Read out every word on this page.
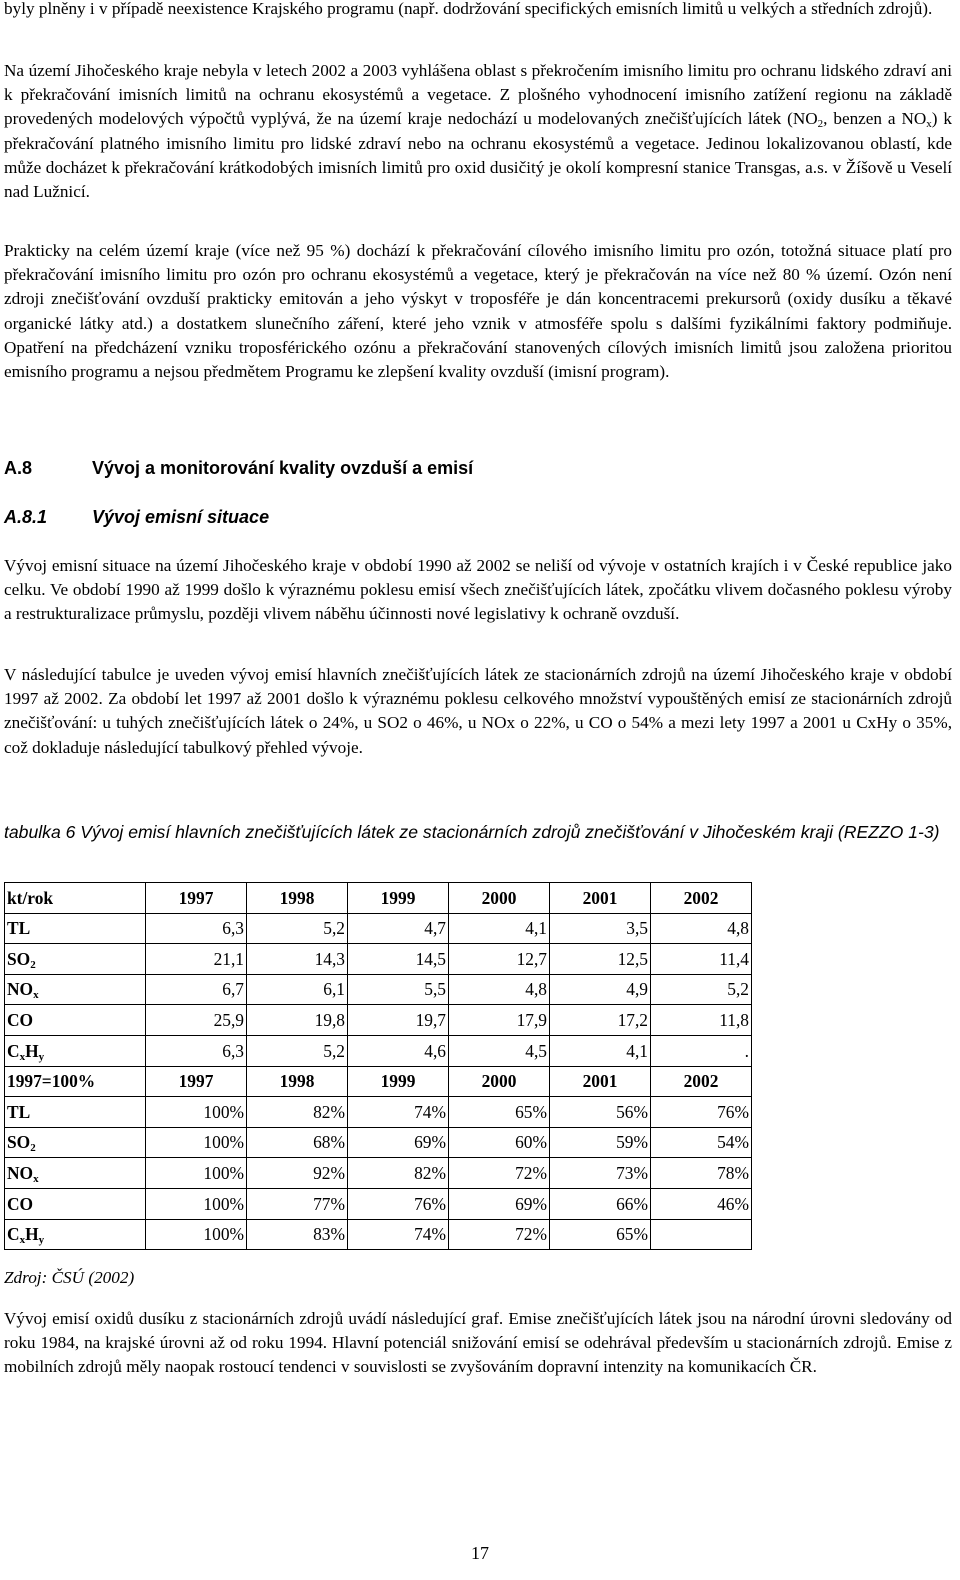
byly plněny i v případě neexistence Krajského programu (např. dodržování specifických emisních limitů u velkých a středních zdrojů).

Na území Jihočeského kraje nebyla v letech 2002 a 2003 vyhlášena oblast s překročením imisního limitu pro ochranu lidského zdraví ani k překračování imisních limitů na ochranu ekosystémů a vegetace. Z plošného vyhodnocení imisního zatížení regionu na základě provedených modelových výpočtů vyplývá, že na území kraje nedochází u modelovaných znečišťujících látek ($NO_2$, benzen a $NO_x$) k překračování platného imisního limitu pro lidské zdraví nebo na ochranu ekosystémů a vegetace. Jedinou lokalizovanou oblastí, kde může docházet k překračování krátkodobých imisních limitů pro oxid dusičitý je okolí kompresní stanice Transgas, a.s. v Žíšově u Veselí nad Lužnicí.

Prakticky na celém území kraje (více než 95 %) dochází k překračování cílového imisního limitu pro ozón, totožná situace platí pro překračování imisního limitu pro ozón pro ochranu ekosystémů a vegetace, který je překračován na více než 80 % území. Ozón není zdroji znečišťování ovzduší prakticky emitován a jeho výskyt v troposféře je dán koncentracemi prekursorů (oxidy dusíku a těkavé organické látky atd.) a dostatkem slunečního záření, které jeho vznik v atmosféře spolu s dalšími fyzikálními faktory podmiňuje. Opatření na předcházení vzniku troposférického ozónu a překračování stanovených cílových imisních limitů jsou založena prioritou emisního programu a nejsou předmětem Programu ke zlepšení kvality ovzduší (imisní program).

A.8	Vývoj a monitorování kvality ovzduší a emisí
A.8.1 Vývoj emisní situace

Vývoj emisní situace na území Jihočeského kraje v období 1990 až 2002 se neliší od vývoje v ostatních krajích i v České republice jako celku. Ve období 1990 až 1999 došlo k výraznému poklesu emisí všech znečišťujících látek, zpočátku vlivem dočasného poklesu výroby a restrukturalizace průmyslu, později vlivem náběhu účinnosti nové legislativy k ochraně ovzduší.

V následující tabulce je uveden vývoj emisí hlavních znečišťujících látek ze stacionárních zdrojů na území Jihočeského kraje v období 1997 až 2002. Za období let 1997 až 2001 došlo k výraznému poklesu celkového množství vypouštěných emisí ze stacionárních zdrojů znečišťování: u tuhých znečišťujících látek o 24%, u SO2 o 46%, u NOx o 22%, u CO o 54% a mezi lety 1997 a 2001 u CxHy o 35%, což dokladuje následující tabulkový přehled vývoje.

tabulka 6 Vývoj emisí hlavních znečišťujících látek ze stacionárních zdrojů znečišťování v Jihočeském kraji (REZZO 1-3)
kt/rok	1997	1998	1999	2000	2001	2002
TL	6,3	5,2	4,7	4,1	3,5	4,8
$SO_2$	21,1	14,3	14,5	12,7	12,5	11,4
$NO_x$	6,7	6,1	5,5	4,8	4,9	5,2
CO	25,9	19,8	19,7	17,9	17,2	11,8
$C_xH_y$	6,3	5,2	4,6	4,5	4,1	.
1997=100%	1997	1998	1999	2000	2001	2002
TL	100%	82%	74%	65%	56%	76%
$SO_2$	100%	68%	69%	60%	59%	54%
$NO_x$	100%	92%	82%	72%	73%	78%
CO	100%	77%	76%	69%	66%	46%
$C_xH_y$	100%	83%	74%	72%	65%	
Zdroj: ČSÚ (2002)

Vývoj emisí oxidů dusíku z stacionárních zdrojů uvádí následující graf. Emise znečišťujících látek jsou na národní úrovni sledovány od roku 1984, na krajské úrovni až od roku 1994. Hlavní potenciál snižování emisí se odehrával především u stacionárních zdrojů. Emise z mobilních zdrojů měly naopak rostoucí tendenci v souvislosti se zvyšováním dopravní intenzity na komunikacích ČR.

17
